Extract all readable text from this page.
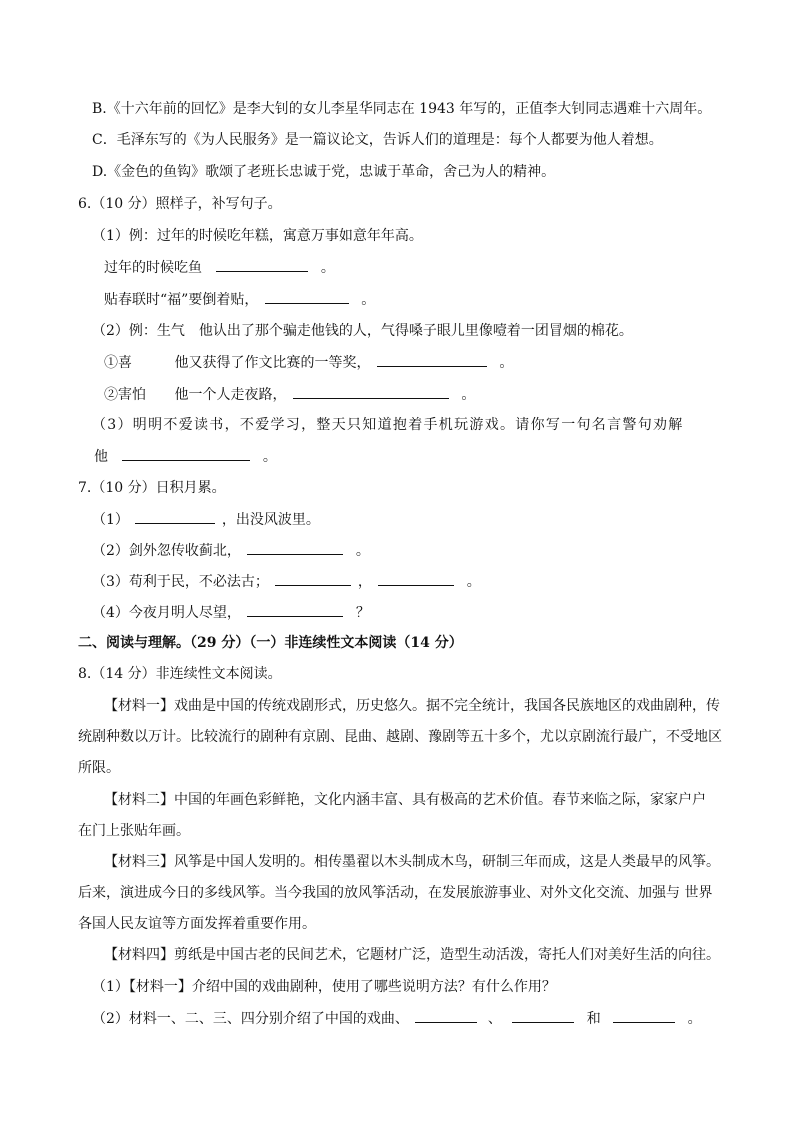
B.《十六年前的回忆》是李大钊的女儿李星华同志在 1943 年写的，正值李大钊同志遇难十六周年。
C．毛泽东写的《为人民服务》是一篇议论文，告诉人们的道理是：每个人都要为他人着想。
D.《金色的鱼钩》歌颂了老班长忠诚于党，忠诚于革命，舍己为人的精神。
6.（10 分）照样子，补写句子。
（1）例：过年的时候吃年糕，寓意万事如意年年高。
过年的时候吃鱼	。
贴春联时“福”要倒着贴，	。
（2）例：生气　他认出了那个骗走他钱的人，气得嗓子眼儿里像噎着一团冒烟的棉花。
①喜	他又获得了作文比赛的一等奖，	。
②害怕 他一个人走夜路，	。
（3）明明不爱读书，不爱学习，整天只知道抱着手机玩游戏。请你写一句名言警句劝解
他	。
7.（10 分）日积月累。
（1）	，出没风波里。
（2）剑外忽传收蓟北，	。
（3）苟利于民，不必法古；	，	。
（4）今夜月明人尽望，	？
二、阅读与理解。（29 分）（一）非连续性文本阅读（14 分）
8.（14 分）非连续性文本阅读。
【材料一】戏曲是中国的传统戏剧形式，历史悠久。据不完全统计，我国各民族地区的戏曲剧种，传
统剧种数以万计。比较流行的剧种有京剧、昆曲、越剧、豫剧等五十多个，尤以京剧流行最广，不受地区
所限。
【材料二】中国的年画色彩鲜艳，文化内涵丰富、具有极高的艺术价值。春节来临之际，家家户户
在门上张贴年画。
【材料三】风筝是中国人发明的。相传墨翟以木头制成木鸟，研制三年而成，这是人类最早的风筝。
后来，演进成今日的多线风筝。当今我国的放风筝活动，在发展旅游事业、对外文化交流、加强与 世界
各国人民友谊等方面发挥着重要作用。
【材料四】剪纸是中国古老的民间艺术，它题材广泛，造型生动活泼，寄托人们对美好生活的向往。
（1）【材料一】介绍中国的戏曲剧种，使用了哪些说明方法？有什么作用？
（2）材料一、二、三、四分别介绍了中国的戏曲、	、	和	。
